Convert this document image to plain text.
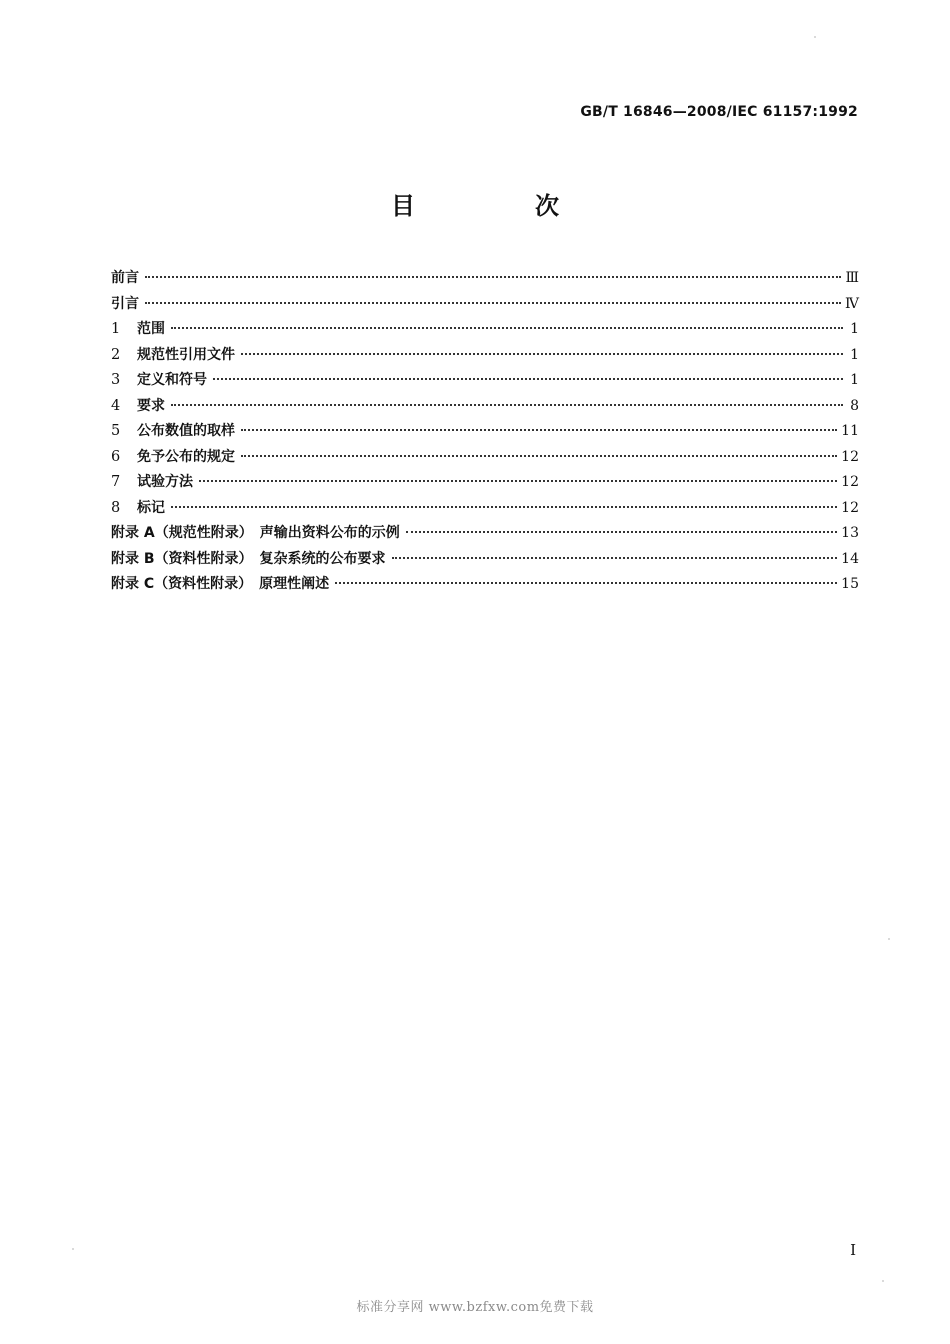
GB/T 16846—2008/IEC 61157:1992
目　次
前言	Ⅲ
引言	Ⅳ
1	范围	1
2	规范性引用文件	1
3	定义和符号	1
4	要求	8
5	公布数值的取样	11
6	免予公布的规定	12
7	试验方法	12
8	标记	12
附录 A（规范性附录）　声输出资料公布的示例	13
附录 B（资料性附录）　复杂系统的公布要求	14
附录 C（资料性附录）　原理性阐述	15
I
标准分享网 www.bzfxw.com免费下载
